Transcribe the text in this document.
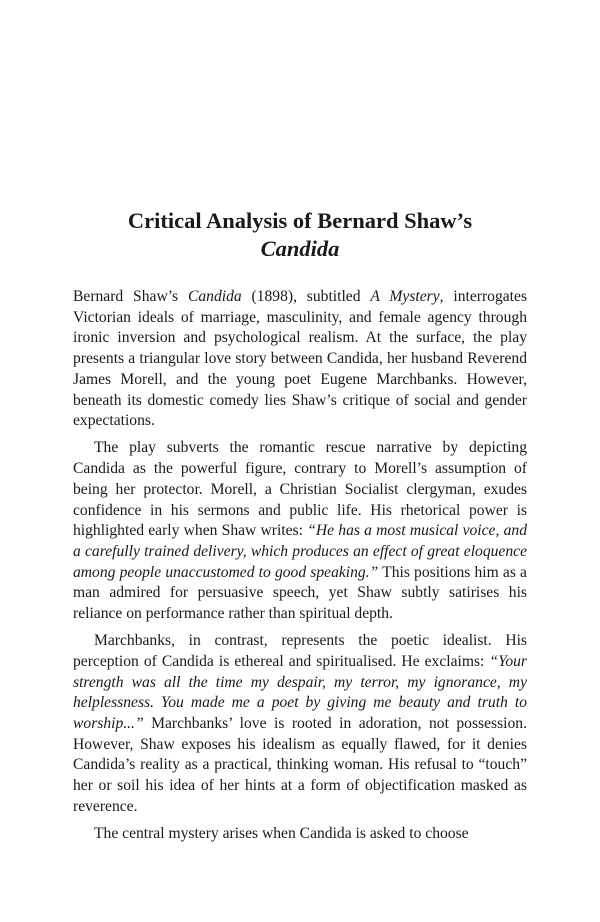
Critical Analysis of Bernard Shaw’s
Candida

Bernard Shaw’s Candida (1898), subtitled A Mystery, interrogates Victorian ideals of marriage, masculinity, and female agency through ironic inversion and psychological realism. At the surface, the play presents a triangular love story between Candida, her husband Reverend James Morell, and the young poet Eugene Marchbanks. However, beneath its domestic comedy lies Shaw’s critique of social and gender expectations.

The play subverts the romantic rescue narrative by depicting Candida as the powerful figure, contrary to Morell’s assumption of being her protector. Morell, a Christian Socialist clergyman, exudes confidence in his sermons and public life. His rhetorical power is highlighted early when Shaw writes: “He has a most musical voice, and a carefully trained delivery, which produces an effect of great eloquence among people unaccustomed to good speaking.” This positions him as a man admired for persuasive speech, yet Shaw subtly satirises his reliance on performance rather than spiritual depth.

Marchbanks, in contrast, represents the poetic idealist. His perception of Candida is ethereal and spiritualised. He exclaims: “Your strength was all the time my despair, my terror, my ignorance, my helplessness. You made me a poet by giving me beauty and truth to worship...” Marchbanks’ love is rooted in adoration, not possession. However, Shaw exposes his idealism as equally flawed, for it denies Candida’s reality as a practical, thinking woman. His refusal to “touch” her or soil his idea of her hints at a form of objectification masked as reverence.

The central mystery arises when Candida is asked to choose
